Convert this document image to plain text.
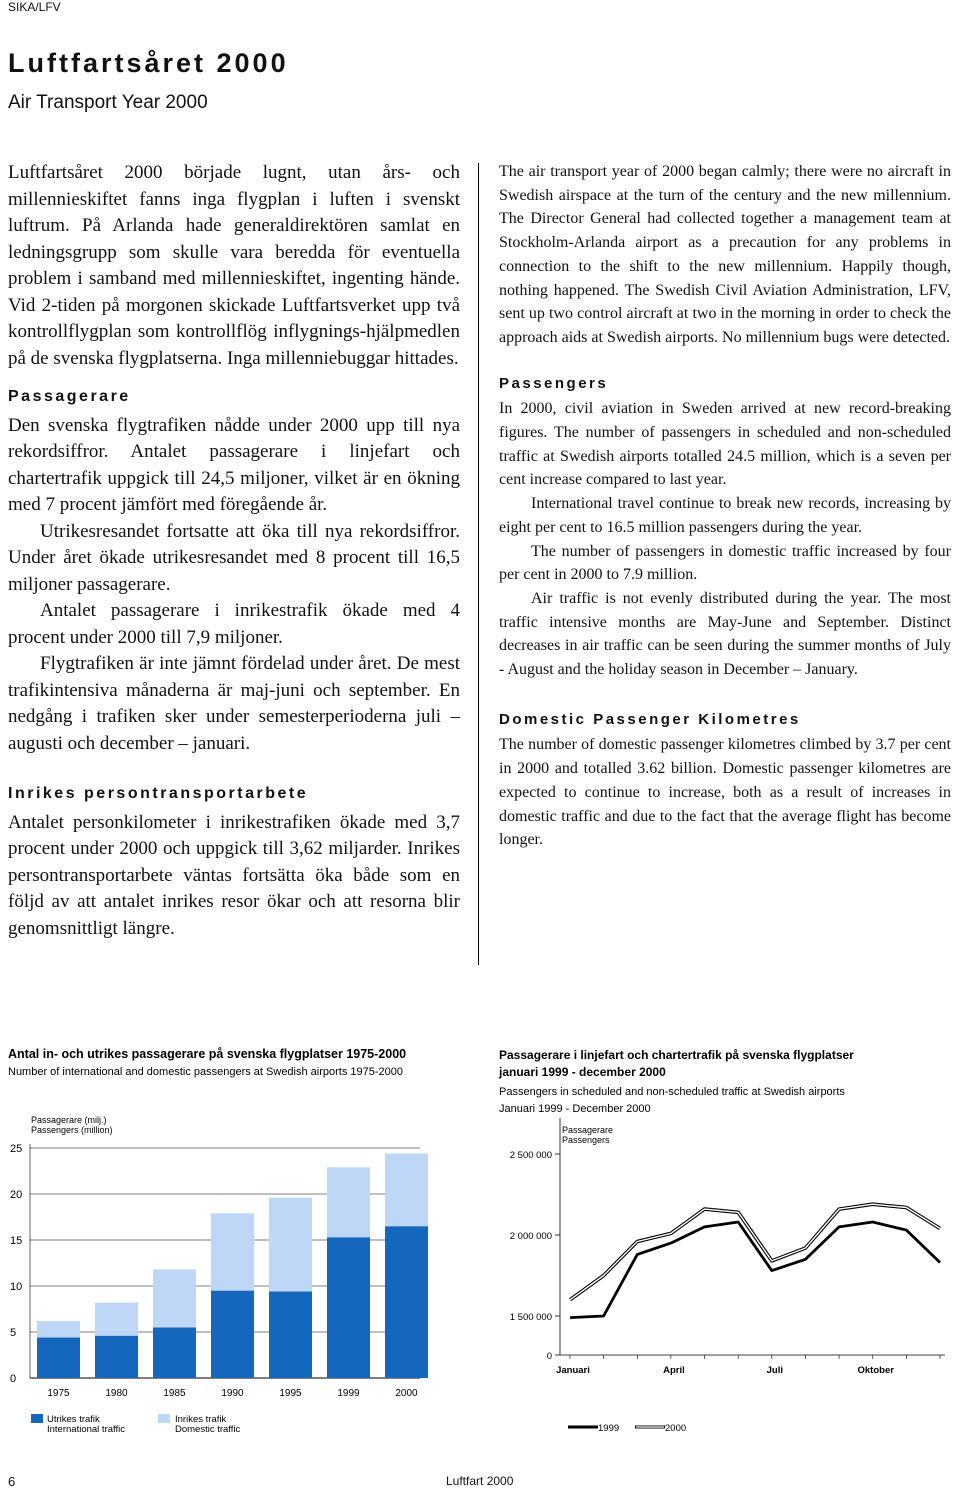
SIKA/LFV
Luftfartsåret 2000
Air Transport Year 2000

Luftfartsåret 2000 började lugnt, utan års- och millennieskiftet fanns inga flygplan i luften i svenskt luftrum. På Arlanda hade generaldirektören samlat en ledningsgrupp som skulle vara beredda för eventuella problem i samband med millennieskiftet, ingenting hände. Vid 2-tiden på morgonen skickade Luftfartsverket upp två kontrollflygplan som kontrollflög inflygnings-hjälpmedlen på de svenska flygplatserna. Inga millenniebuggar hittades.

Passagerare

Den svenska flygtrafiken nådde under 2000 upp till nya rekordsiffror. Antalet passagerare i linjefart och chartertrafik uppgick till 24,5 miljoner, vilket är en ökning med 7 procent jämfört med föregående år.

Utrikesresandet fortsatte att öka till nya rekordsiffror. Under året ökade utrikesresandet med 8 procent till 16,5 miljoner passagerare.

Antalet passagerare i inrikestrafik ökade med 4 procent under 2000 till 7,9 miljoner.

Flygtrafiken är inte jämnt fördelad under året. De mest trafikintensiva månaderna är maj-juni och september. En nedgång i trafiken sker under semesterperioderna juli – augusti och december – januari.

Inrikes persontransportarbete

Antalet personkilometer i inrikestrafiken ökade med 3,7 procent under 2000 och uppgick till 3,62 miljarder. Inrikes persontransportarbete väntas fortsätta öka både som en följd av att antalet inrikes resor ökar och att resorna blir genomsnittligt längre.

The air transport year of 2000 began calmly; there were no aircraft in Swedish airspace at the turn of the century and the new millennium. The Director General had collected together a management team at Stockholm-Arlanda airport as a precaution for any problems in connection to the shift to the new millennium. Happily though, nothing happened. The Swedish Civil Aviation Administration, LFV, sent up two control aircraft at two in the morning in order to check the approach aids at Swedish airports. No millennium bugs were detected.

Passengers

In 2000, civil aviation in Sweden arrived at new record-breaking figures. The number of passengers in scheduled and non-scheduled traffic at Swedish airports totalled 24.5 million, which is a seven per cent increase compared to last year.

International travel continue to break new records, increasing by eight per cent to 16.5 million passengers during the year.

The number of passengers in domestic traffic increased by four per cent in 2000 to 7.9 million.

Air traffic is not evenly distributed during the year. The most traffic intensive months are May-June and September. Distinct decreases in air traffic can be seen during the summer months of July - August and the holiday season in December – January.

Domestic Passenger Kilometres

The number of domestic passenger kilometres climbed by 3.7 per cent in 2000 and totalled 3.62 billion. Domestic passenger kilometres are expected to continue to increase, both as a result of increases in domestic traffic and due to the fact that the average flight has become longer.

Antal in- och utrikes passagerare på svenska flygplatser 1975-2000
Number of international and domestic passengers at Swedish airports 1975-2000
Passagerare (milj.)
Passengers (million)
0
5
10
15
20
25
1975	1980	1985	1990	1995	1999	2000
Utrikes trafik
International traffic
Inrikes trafik
Domestic traffic
Passagerare i linjefart och chartertrafik på svenska flygplatser
januari 1999 - december 2000
Passengers in scheduled and non-scheduled traffic at Swedish airports
Januari 1999 - December 2000
Passagerare
Passengers
2 500 000
2 000 000
1 500 000
0
Januari	April	Juli	Oktober
1999	2000
6	Luftfart 2000
